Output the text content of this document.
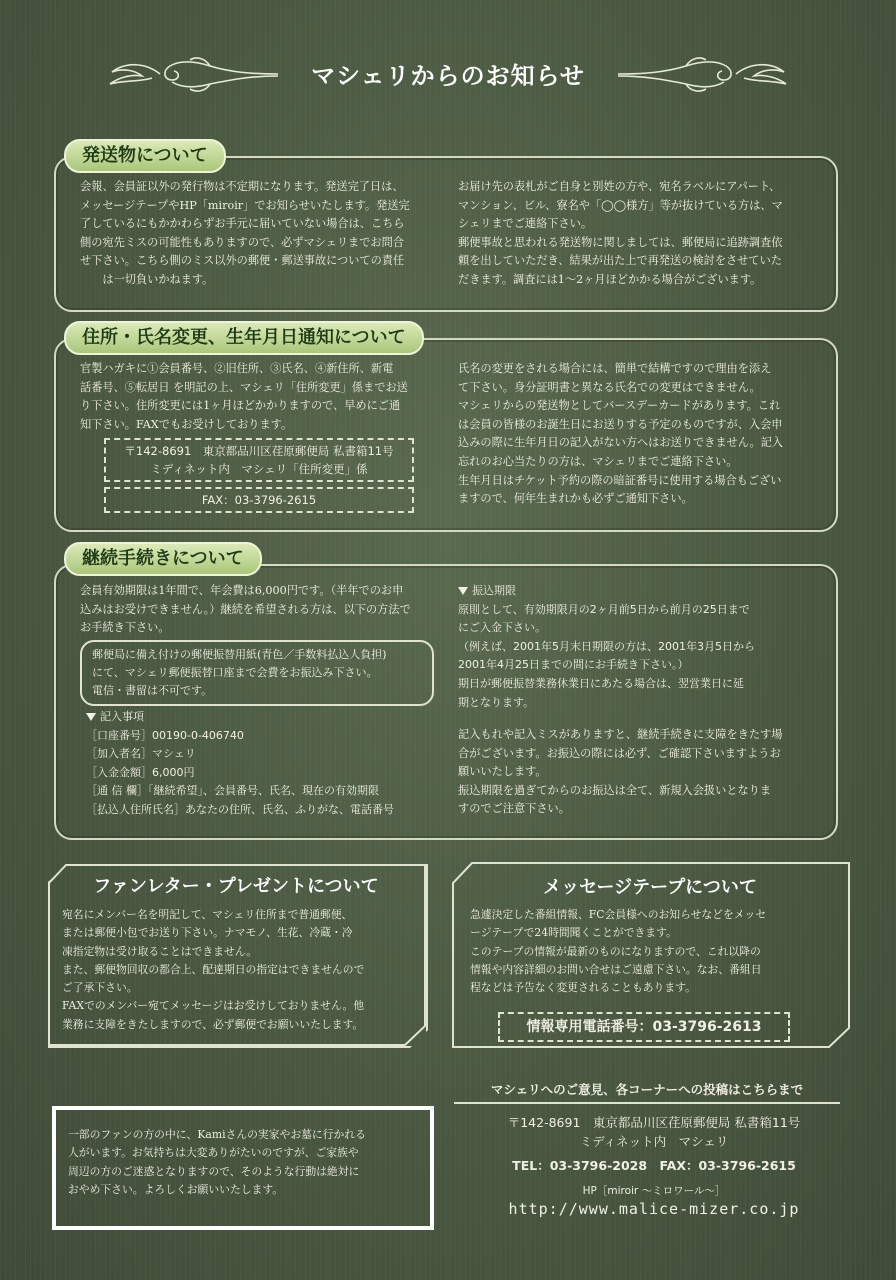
マシェリからのお知らせ
発送物について

会報、会員証以外の発行物は不定期になります。発送完了日は、

メッセージテープやHP「miroir」でお知らせいたします。発送完

了しているにもかかわらずお手元に届いていない場合は、こちら

側の宛先ミスの可能性もありますので、必ずマシェリまでお問合

せ下さい。こちら側のミス以外の郵便・郵送事故についての責任

は一切負いかねます。

お届け先の表札がご自身と別姓の方や、宛名ラベルにアパート、

マンション、ビル、寮名や「◯◯様方」等が抜けている方は、マ

シェリまでご連絡下さい。

郵便事故と思われる発送物に関しましては、郵便局に追跡調査依

頼を出していただき、結果が出た上で再発送の検討をさせていた

だきます。調査には1〜2ヶ月ほどかかる場合がございます。

住所・氏名変更、生年月日通知について

官製ハガキに①会員番号、②旧住所、③氏名、④新住所、新電

話番号、⑤転居日 を明記の上、マシェリ「住所変更」係までお送

り下さい。住所変更には1ヶ月ほどかかりますので、早めにご通

知下さい。FAXでもお受けしております。

〒142-8691　東京都品川区荏原郵便局 私書箱11号
ミディネット内　マシェリ「住所変更」係
FAX：03-3796-2615

氏名の変更をされる場合には、簡単で結構ですので理由を添え

て下さい。身分証明書と異なる氏名での変更はできません。

マシェリからの発送物としてバースデーカードがあります。これ

は会員の皆様のお誕生日にお送りする予定のものですが、入会申

込みの際に生年月日の記入がない方へはお送りできません。記入

忘れのお心当たりの方は、マシェリまでご連絡下さい。

生年月日はチケット予約の際の暗証番号に使用する場合もござい

ますので、何年生まれかも必ずご通知下さい。

継続手続きについて

会員有効期限は1年間で、年会費は6,000円です。（半年でのお申

込みはお受けできません。）継続を希望される方は、以下の方法で

お手続き下さい。

郵便局に備え付けの郵便振替用紙(青色／手数料払込人負担)
にて、マシェリ郵便振替口座まで会費をお振込み下さい。
電信・書留は不可です。
記入事項
［口座番号］00190-0-406740
［加入者名］マシェリ
［入金金額］6,000円
［通 信 欄］「継続希望」、会員番号、氏名、現在の有効期限
［払込人住所氏名］あなたの住所、氏名、ふりがな、電話番号
振込期限
原則として、有効期限月の2ヶ月前5日から前月の25日まで
にご入金下さい。
（例えば、2001年5月末日期限の方は、2001年3月5日から
2001年4月25日までの間にお手続き下さい。）
期日が郵便振替業務休業日にあたる場合は、翌営業日に延
期となります。

記入もれや記入ミスがありますと、継続手続きに支障をきたす場

合がございます。お振込の際には必ず、ご確認下さいますようお

願いいたします。

振込期限を過ぎてからのお振込は全て、新規入会扱いとなりま

すのでご注意下さい。

ファンレター・プレゼントについて

宛名にメンバー名を明記して、マシェリ住所まで普通郵便、

または郵便小包でお送り下さい。ナマモノ、生花、冷蔵・冷

凍指定物は受け取ることはできません。

また、郵便物回収の都合上、配達期日の指定はできませんので

ご了承下さい。

FAXでのメンバー宛てメッセージはお受けしておりません。他

業務に支障をきたしますので、必ず郵便でお願いいたします。

メッセージテープについて

急遽決定した番組情報、FC会員様へのお知らせなどをメッセ

ージテープで24時間聞くことができます。

このテープの情報が最新のものになりますので、これ以降の

情報や内容詳細のお問い合せはご遠慮下さい。なお、番組日

程などは予告なく変更されることもあります。

情報専用電話番号：03-3796-2613

一部のファンの方の中に、Kamiさんの実家やお墓に行かれる

人がいます。お気持ちは大変ありがたいのですが、ご家族や

周辺の方のご迷惑となりますので、そのような行動は絶対に

おやめ下さい。よろしくお願いいたします。

マシェリへのご意見、各コーナーへの投稿はこちらまで
〒142-8691　東京都品川区荏原郵便局 私書箱11号
ミディネット内　マシェリ
TEL：03-3796-2028　FAX：03-3796-2615
HP［miroir 〜ミロワール〜］
http://www.malice-mizer.co.jp
